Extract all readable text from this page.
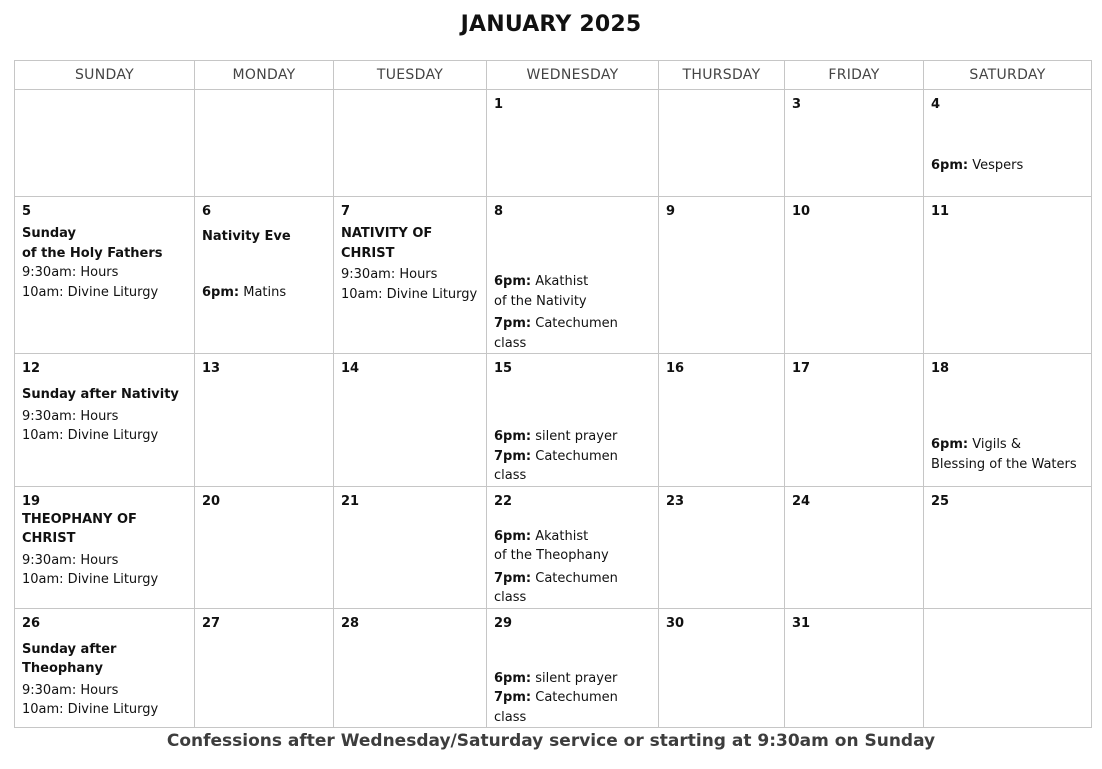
JANUARY 2025
SUNDAY	MONDAY	TUESDAY	WEDNESDAY	THURSDAY	FRIDAY	SATURDAY

			1		3	4
6pm: Vespers

5
Sunday
of the Holy Fathers
9:30am: Hours
10am: Divine Liturgy	6
Nativity Eve
6pm: Matins	7
NATIVITY OF CHRIST
9:30am: Hours
10am: Divine Liturgy	8
6pm: Akathist
of the Nativity
7pm: Catechumen class	9	10	11

12
Sunday after Nativity
9:30am: Hours
10am: Divine Liturgy	13	14	15
6pm: silent prayer
7pm: Catechumen class	16	17	18
6pm: Vigils &
Blessing of the Waters

19
THEOPHANY OF CHRIST
9:30am: Hours
10am: Divine Liturgy	20	21	22
6pm: Akathist
of the Theophany
7pm: Catechumen class	23	24	25

26
Sunday after Theophany
9:30am: Hours
10am: Divine Liturgy	27	28	29
6pm: silent prayer
7pm: Catechumen class	30	31	

Confessions after Wednesday/Saturday service or starting at 9:30am on Sunday
